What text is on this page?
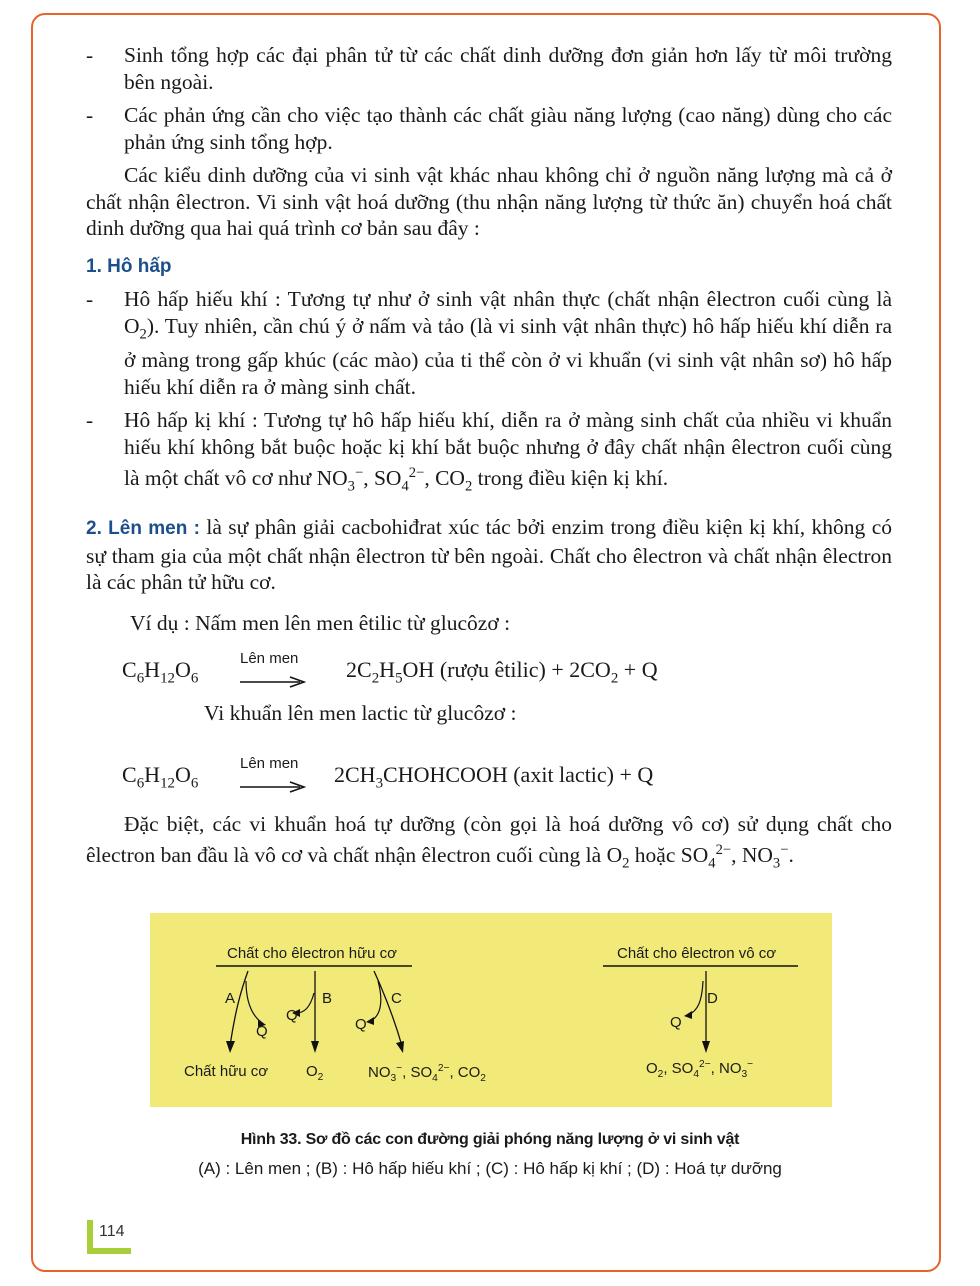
-	Sinh tổng hợp các đại phân tử từ các chất dinh dưỡng đơn giản hơn lấy từ môi trường bên ngoài.
-	Các phản ứng cần cho việc tạo thành các chất giàu năng lượng (cao năng) dùng cho các phản ứng sinh tổng hợp.
Các kiểu dinh dưỡng của vi sinh vật khác nhau không chỉ ở nguồn năng lượng mà cả ở chất nhận êlectron. Vi sinh vật hoá dưỡng (thu nhận năng lượng từ thức ăn) chuyển hoá chất dinh dưỡng qua hai quá trình cơ bản sau đây :
1. Hô hấp
-	Hô hấp hiếu khí : Tương tự như ở sinh vật nhân thực (chất nhận êlectron cuối cùng là $O_2$). Tuy nhiên, cần chú ý ở nấm và tảo (là vi sinh vật nhân thực) hô hấp hiếu khí diễn ra ở màng trong gấp khúc (các mào) của ti thể còn ở vi khuẩn (vi sinh vật nhân sơ) hô hấp hiếu khí diễn ra ở màng sinh chất.
-	Hô hấp kị khí : Tương tự hô hấp hiếu khí, diễn ra ở màng sinh chất của nhiều vi khuẩn hiếu khí không bắt buộc hoặc kị khí bắt buộc nhưng ở đây chất nhận êlectron cuối cùng là một chất vô cơ như $NO_3^-$, $SO_4^{2-}$, $CO_2$ trong điều kiện kị khí.
2. Lên men : là sự phân giải cacbohiđrat xúc tác bởi enzim trong điều kiện kị khí, không có sự tham gia của một chất nhận êlectron từ bên ngoài. Chất cho êlectron và chất nhận êlectron là các phân tử hữu cơ.
Ví dụ : Nấm men lên men êtilic từ glucôzơ :
$C_6H_{12}O_6$
Lên men $2C_2H_5OH$ (rượu êtilic) + $2CO_2 + Q$
Vi khuẩn lên men lactic từ glucôzơ :
$C_6H_{12}O_6$
Lên men $2CH_3CHOHCOOH$ (axit lactic) + Q
Đặc biệt, các vi khuẩn hoá tự dưỡng (còn gọi là hoá dưỡng vô cơ) sử dụng chất cho êlectron ban đầu là vô cơ và chất nhận êlectron cuối cùng là $O_2$ hoặc $SO_4^{2-}$, $NO_3^-$.
Chất cho êlectron hữu cơ	Chất cho êlectron vô cơ
A	B	C	D
Q
Q
Q	Q
Chất hữu cơ	$O_2$	$NO_3^-$, $SO_4^{2-}$, $CO_2$
$O_2$, $SO_4^{2-}$, $NO_3^-$
Hình 33. Sơ đồ các con đường giải phóng năng lượng ở vi sinh vật
(A) : Lên men ; (B) : Hô hấp hiếu khí ; (C) : Hô hấp kị khí ; (D) : Hoá tự dưỡng
114
